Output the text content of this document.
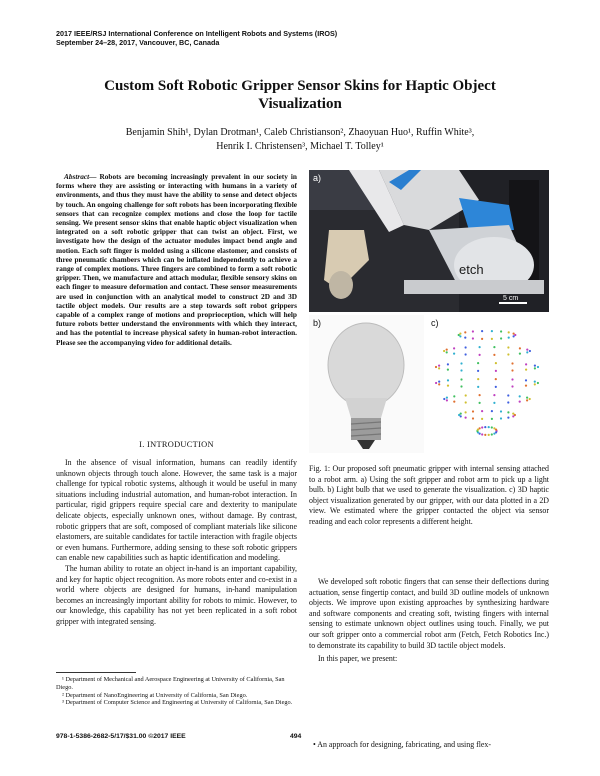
2017 IEEE/RSJ International Conference on Intelligent Robots and Systems (IROS)
September 24–28, 2017, Vancouver, BC, Canada
Custom Soft Robotic Gripper Sensor Skins for Haptic Object
Visualization
Benjamin Shih¹, Dylan Drotman¹, Caleb Christianson², Zhaoyuan Huo¹, Ruffin White³,
Henrik I. Christensen³, Michael T. Tolley¹
Abstract— Robots are becoming increasingly prevalent in our society in forms where they are assisting or interacting with humans in a variety of environments, and thus they must have the ability to sense and detect objects by touch. An ongoing challenge for soft robots has been incorporating flexible sensors that can recognize complex motions and close the loop for tactile sensing. We present sensor skins that enable haptic object visualization when integrated on a soft robotic gripper that can twist an object. First, we investigate how the design of the actuator modules impact bend angle and motion. Each soft finger is molded using a silicone elastomer, and consists of three pneumatic chambers which can be inflated independently to achieve a range of complex motions. Three fingers are combined to form a soft robotic gripper. Then, we manufacture and attach modular, flexible sensory skins on each finger to measure deformation and contact. These sensor measurements are used in conjunction with an analytical model to construct 2D and 3D tactile object models. Our results are a step towards soft robot grippers capable of a complex range of motions and proprioception, which will help future robots better understand the environments with which they interact, and has the potential to increase physical safety in human-robot interaction. Please see the accompanying video for additional details.
I. INTRODUCTION

In the absence of visual information, humans can readily identify unknown objects through touch alone. However, the same task is a major challenge for typical robotic systems, although it would be useful in many situations including industrial automation, and human-robot interaction. In particular, rigid grippers require special care and dexterity to manipulate delicate objects, especially unknown ones, without damage. By contrast, robotic grippers that are soft, composed of compliant materials like silicone elastomers, are suitable candidates for tactile interaction with fragile objects or even humans. Furthermore, adding sensing to these soft robotic grippers can enable new capabilities such as haptic identification and modeling.

The human ability to rotate an object in-hand is an important capability, and key for haptic object recognition. As more robots enter and co-exist in a world where objects are designed for humans, in-hand manipulation becomes an increasingly important ability for robots to mimic. However, to our knowledge, this capability has not yet been replicated in a soft robot gripper with integrated sensing.

¹ Department of Mechanical and Aerospace Engineering at University of California, San Diego.

² Department of NanoEngineering at University of California, San Diego.

³ Department of Computer Science and Engineering at University of California, San Diego.

etch
5 cm
a)
b)	c)
Fig. 1: Our proposed soft pneumatic gripper with internal sensing attached to a robot arm. a) Using the soft gripper and robot arm to pick up a light bulb. b) Light bulb that we used to generate the visualization. c) 3D haptic object visualization generated by our gripper, with our data plotted in a 2D view. We estimated where the gripper contacted the object via sensor reading and each color represents a different height.

We developed soft robotic fingers that can sense their deflections during actuation, sense fingertip contact, and build 3D outline models of unknown objects. We improve upon existing approaches by synthesizing hardware and software components and creating soft, twisting fingers with internal sensing to estimate unknown object outlines using touch. Finally, we put our soft gripper onto a commercial robot arm (Fetch, Fetch Robotics Inc.) to demonstrate its capability to build 3D tactile object models.

In this paper, we present:

• An approach for designing, fabricating, and using flex-
978-1-5386-2682-5/17/$31.00 ©2017 IEEE	494
